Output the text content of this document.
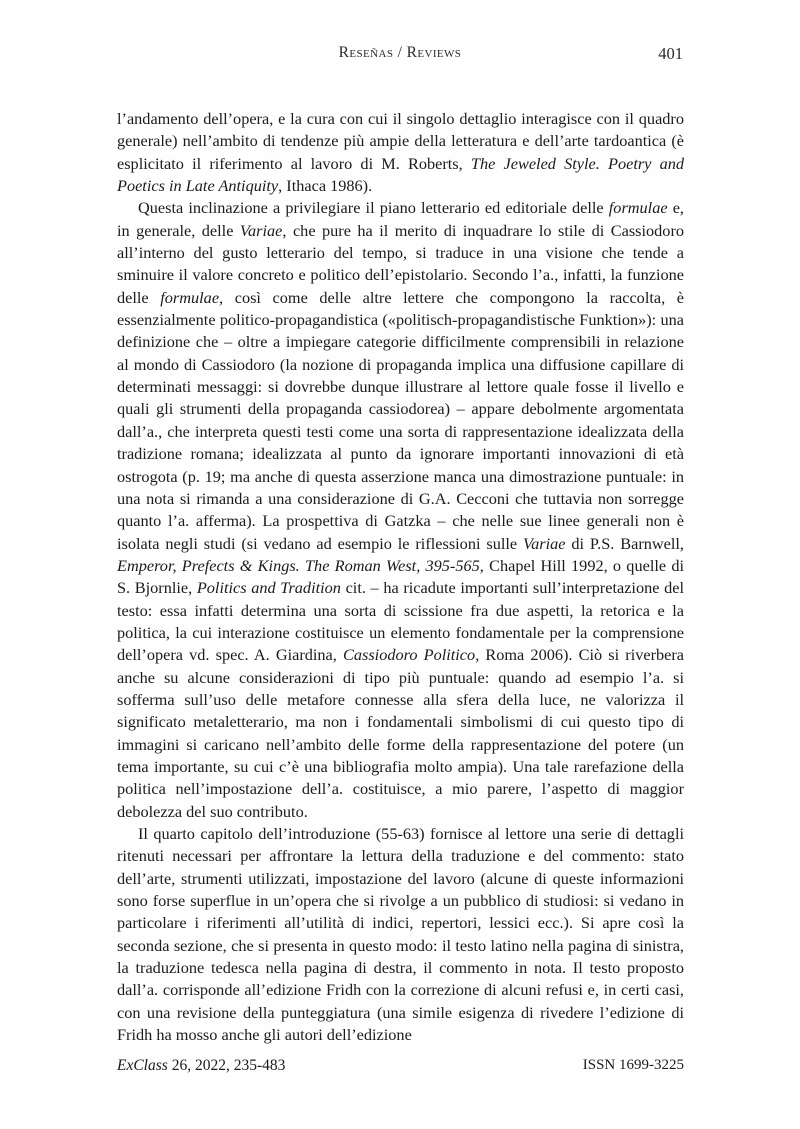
Reseñas / Reviews	401

l’andamento dell’opera, e la cura con cui il singolo dettaglio interagisce con il quadro generale) nell’ambito di tendenze più ampie della letteratura e dell’arte tardoantica (è esplicitato il riferimento al lavoro di M. Roberts, The Jeweled Style. Poetry and Poetics in Late Antiquity, Ithaca 1986).

Questa inclinazione a privilegiare il piano letterario ed editoriale delle formulae e, in generale, delle Variae, che pure ha il merito di inquadrare lo stile di Cassiodoro all’interno del gusto letterario del tempo, si traduce in una visione che tende a sminuire il valore concreto e politico dell’epistolario. Secondo l’a., infatti, la funzione delle formulae, così come delle altre lettere che compongono la raccolta, è essenzialmente politico-propagandistica («politisch-propagandistische Funktion»): una definizione che – oltre a impiegare categorie difficilmente comprensibili in relazione al mondo di Cassiodoro (la nozione di propaganda implica una diffusione capillare di determinati messaggi: si dovrebbe dunque illustrare al lettore quale fosse il livello e quali gli strumenti della propaganda cassiodorea) – appare debolmente argomentata dall’a., che interpreta questi testi come una sorta di rappresentazione idealizzata della tradizione romana; idealizzata al punto da ignorare importanti innovazioni di età ostrogota (p. 19; ma anche di questa asserzione manca una dimostrazione puntuale: in una nota si rimanda a una considerazione di G.A. Cecconi che tuttavia non sorregge quanto l’a. afferma). La prospettiva di Gatzka – che nelle sue linee generali non è isolata negli studi (si vedano ad esempio le riflessioni sulle Variae di P.S. Barnwell, Emperor, Prefects & Kings. The Roman West, 395-565, Chapel Hill 1992, o quelle di S. Bjornlie, Politics and Tradition cit. – ha ricadute importanti sull’interpretazione del testo: essa infatti determina una sorta di scissione fra due aspetti, la retorica e la politica, la cui interazione costituisce un elemento fondamentale per la comprensione dell’opera vd. spec. A. Giardina, Cassiodoro Politico, Roma 2006). Ciò si riverbera anche su alcune considerazioni di tipo più puntuale: quando ad esempio l’a. si sofferma sull’uso delle metafore connesse alla sfera della luce, ne valorizza il significato metaletterario, ma non i fondamentali simbolismi di cui questo tipo di immagini si caricano nell’ambito delle forme della rappresentazione del potere (un tema importante, su cui c’è una bibliografia molto ampia). Una tale rarefazione della politica nell’impostazione dell’a. costituisce, a mio parere, l’aspetto di maggior debolezza del suo contributo.

Il quarto capitolo dell’introduzione (55-63) fornisce al lettore una serie di dettagli ritenuti necessari per affrontare la lettura della traduzione e del commento: stato dell’arte, strumenti utilizzati, impostazione del lavoro (alcune di queste informazioni sono forse superflue in un’opera che si rivolge a un pubblico di studiosi: si vedano in particolare i riferimenti all’utilità di indici, repertori, lessici ecc.). Si apre così la seconda sezione, che si presenta in questo modo: il testo latino nella pagina di sinistra, la traduzione tedesca nella pagina di destra, il commento in nota. Il testo proposto dall’a. corrisponde all’edizione Fridh con la correzione di alcuni refusi e, in certi casi, con una revisione della punteggiatura (una simile esigenza di rivedere l’edizione di Fridh ha mosso anche gli autori dell’edizione

ExClass 26, 2022, 235-483	ISSN 1699-3225
